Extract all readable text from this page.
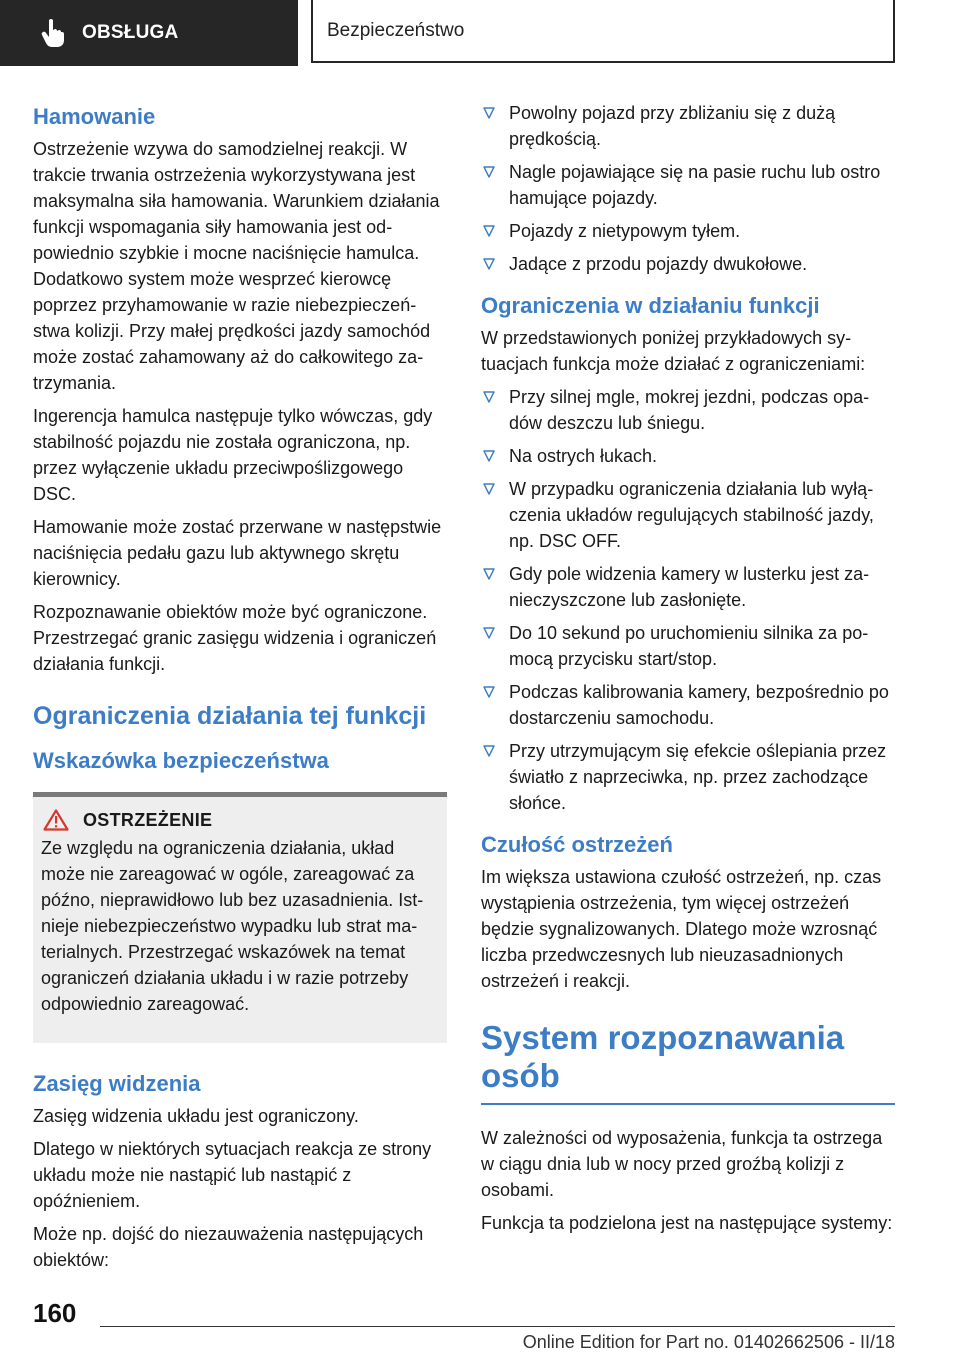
OBSŁUGA	Bezpieczeństwo
Hamowanie

Ostrzeżenie wzywa do samodzielnej reakcji. W trakcie trwania ostrzeżenia wykorzystywana jest maksymalna siła hamowania. Warunkiem działania funkcji wspomagania siły hamowania jest odpowiednio szybkie i mocne naciśnięcie hamulca. Dodatkowo system może wesprzeć kierowcę poprzez przyhamowanie w razie niebezpieczeństwa kolizji. Przy małej prędkości jazdy samochód może zostać zahamowany aż do całkowitego zatrzymania.

Ingerencja hamulca następuje tylko wówczas, gdy stabilność pojazdu nie została ograniczona, np. przez wyłączenie układu przeciwpoślizgowego DSC.

Hamowanie może zostać przerwane w następstwie naciśnięcia pedału gazu lub aktywnego skrętu kierownicy.

Rozpoznawanie obiektów może być ograniczone. Przestrzegać granic zasięgu widzenia i ograniczeń działania funkcji.

Ograniczenia działania tej funkcji
Wskazówka bezpieczeństwa
OSTRZEŻENIE

Ze względu na ograniczenia działania, układ może nie zareagować w ogóle, zareagować za późno, nieprawidłowo lub bez uzasadnienia. Istnieje niebezpieczeństwo wypadku lub strat materialnych. Przestrzegać wskazówek na temat ograniczeń działania układu i w razie potrzeby odpowiednio zareagować.

Zasięg widzenia

Zasięg widzenia układu jest ograniczony.

Dlatego w niektórych sytuacjach reakcja ze strony układu może nie nastąpić lub nastąpić z opóźnieniem.

Może np. dojść do niezauważenia następujących obiektów:

Powolny pojazd przy zbliżaniu się z dużą prędkością.
Nagle pojawiające się na pasie ruchu lub ostro hamujące pojazdy.
Pojazdy z nietypowym tyłem.
Jadące z przodu pojazdy dwukołowe.
Ograniczenia w działaniu funkcji

W przedstawionych poniżej przykładowych sytuacjach funkcja może działać z ograniczeniami:

Przy silnej mgle, mokrej jezdni, podczas opadów deszczu lub śniegu.
Na ostrych łukach.
W przypadku ograniczenia działania lub wyłączenia układów regulujących stabilność jazdy, np. DSC OFF.
Gdy pole widzenia kamery w lusterku jest zanieczyszczone lub zasłonięte.
Do 10 sekund po uruchomieniu silnika za pomocą przycisku start/stop.
Podczas kalibrowania kamery, bezpośrednio po dostarczeniu samochodu.
Przy utrzymującym się efekcie oślepiania przez światło z naprzeciwka, np. przez zachodzące słońce.
Czułość ostrzeżeń

Im większa ustawiona czułość ostrzeżeń, np. czas wystąpienia ostrzeżenia, tym więcej ostrzeżeń będzie sygnalizowanych. Dlatego może wzrosnąć liczba przedwczesnych lub nieuzasadnionych ostrzeżeń i reakcji.

System rozpoznawania
osób

W zależności od wyposażenia, funkcja ta ostrzega w ciągu dnia lub w nocy przed groźbą kolizji z osobami.

Funkcja ta podzielona jest na następujące systemy:

160
Online Edition for Part no. 01402662506 - II/18
